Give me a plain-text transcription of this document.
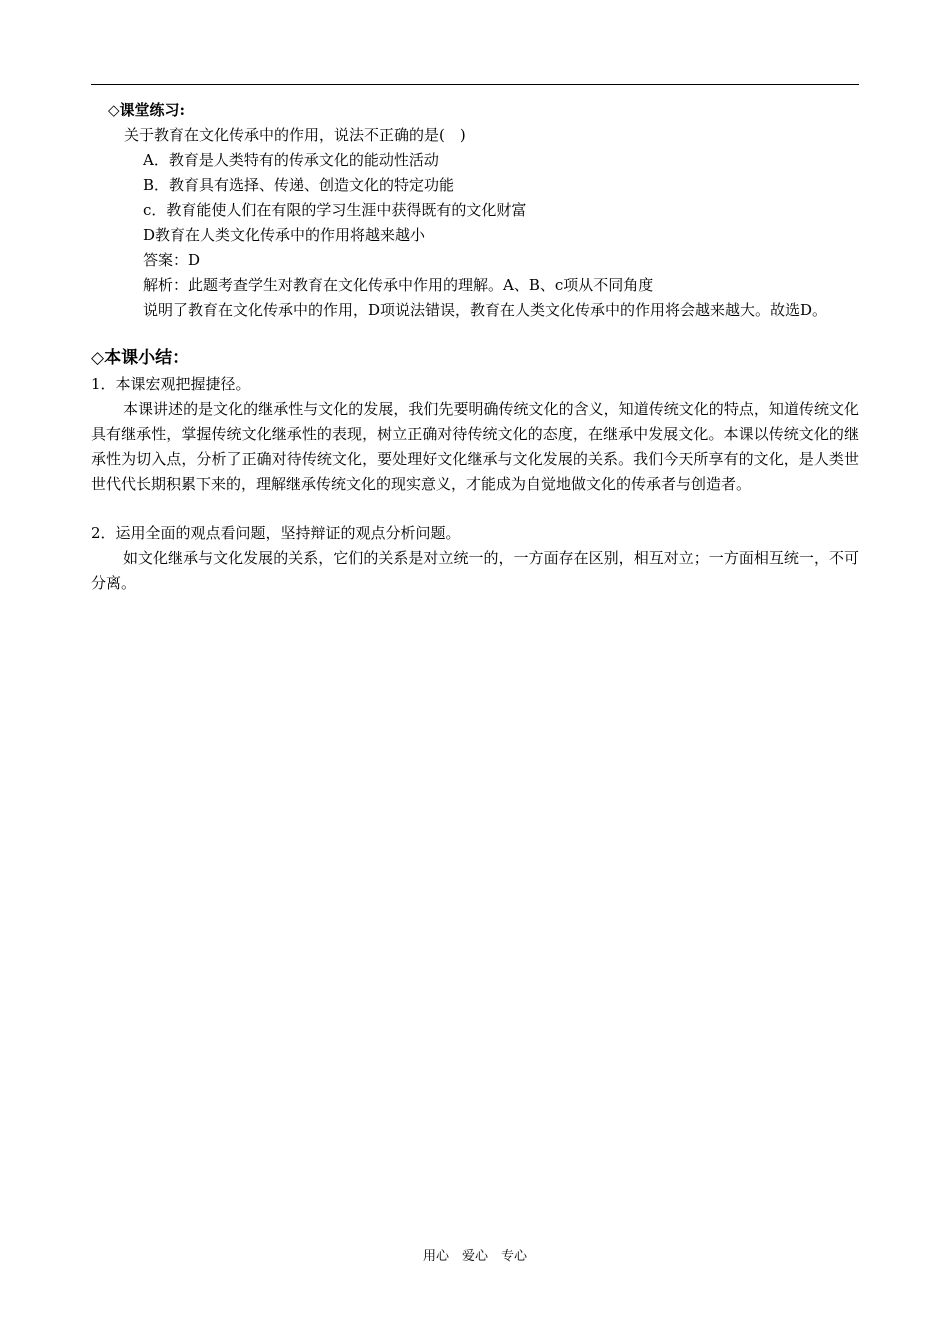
◇课堂练习:
关于教育在文化传承中的作用，说法不正确的是(　)
A．教育是人类特有的传承文化的能动性活动
B．教育具有选择、传递、创造文化的特定功能
c．教育能使人们在有限的学习生涯中获得既有的文化财富
D教育在人类文化传承中的作用将越来越小
答案：D
解析：此题考查学生对教育在文化传承中作用的理解。A、B、c项从不同角度
说明了教育在文化传承中的作用，D项说法错误，教育在人类文化传承中的作用将会越来越大。故选D。
◇本课小结：
1．本课宏观把握捷径。
本课讲述的是文化的继承性与文化的发展，我们先要明确传统文化的含义，知道传统文化的特点，知道传统文化具有继承性，掌握传统文化继承性的表现，树立正确对待传统文化的态度，在继承中发展文化。本课以传统文化的继承性为切入点，分析了正确对待传统文化，要处理好文化继承与文化发展的关系。我们今天所享有的文化，是人类世世代代长期积累下来的，理解继承传统文化的现实意义，才能成为自觉地做文化的传承者与创造者。
2．运用全面的观点看问题，坚持辩证的观点分析问题。
如文化继承与文化发展的关系，它们的关系是对立统一的，一方面存在区别，相互对立；一方面相互统一，不可分离。
用心　爱心　专心
